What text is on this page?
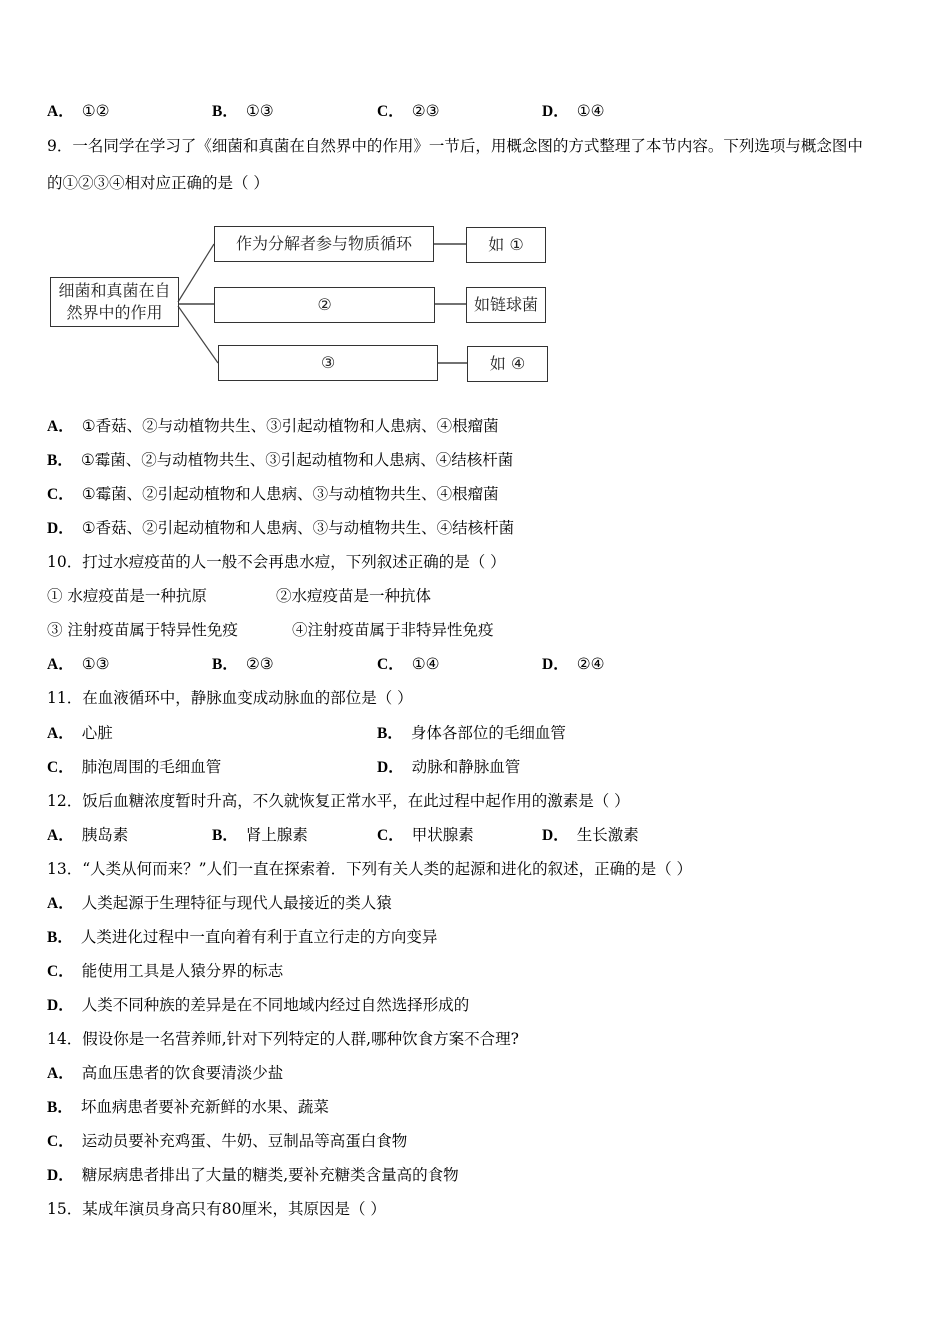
细菌和真菌在自然界中的作用
作为分解者参与物质循环	如 ①
②	如链球菌
③	如 ④
A． ①②	B． ①③	C． ②③	D． ①④
9．一名同学在学习了《细菌和真菌在自然界中的作用》一节后，用概念图的方式整理了本节内容。下列选项与概念图中
的①②③④相对应正确的是（ ）
A． ①香菇、②与动植物共生、③引起动植物和人患病、④根瘤菌
B． ①霉菌、②与动植物共生、③引起动植物和人患病、④结核杆菌
C． ①霉菌、②引起动植物和人患病、③与动植物共生、④根瘤菌
D． ①香菇、②引起动植物和人患病、③与动植物共生、④结核杆菌
10．打过水痘疫苗的人一般不会再患水痘，下列叙述正确的是（ ）
① 水痘疫苗是一种抗原	②水痘疫苗是一种抗体
③ 注射疫苗属于特异性免疫	④注射疫苗属于非特异性免疫
A． ①③	B． ②③	C． ①④	D． ②④
11．在血液循环中，静脉血变成动脉血的部位是（ ）
A． 心脏	B． 身体各部位的毛细血管
C． 肺泡周围的毛细血管	D． 动脉和静脉血管
12．饭后血糖浓度暂时升高，不久就恢复正常水平，在此过程中起作用的激素是（ ）
A． 胰岛素	B． 肾上腺素	C． 甲状腺素	D． 生长激素
13．“人类从何而来？”人们一直在探索着．下列有关人类的起源和进化的叙述，正确的是（ ）
A． 人类起源于生理特征与现代人最接近的类人猿
B． 人类进化过程中一直向着有利于直立行走的方向变异
C． 能使用工具是人猿分界的标志
D． 人类不同种族的差异是在不同地域内经过自然选择形成的
14．假设你是一名营养师,针对下列特定的人群,哪种饮食方案不合理?
A． 高血压患者的饮食要清淡少盐
B． 坏血病患者要补充新鲜的水果、蔬菜
C． 运动员要补充鸡蛋、牛奶、豆制品等高蛋白食物
D． 糖尿病患者排出了大量的糖类,要补充糖类含量高的食物
15．某成年演员身高只有80厘米，其原因是（ ）
